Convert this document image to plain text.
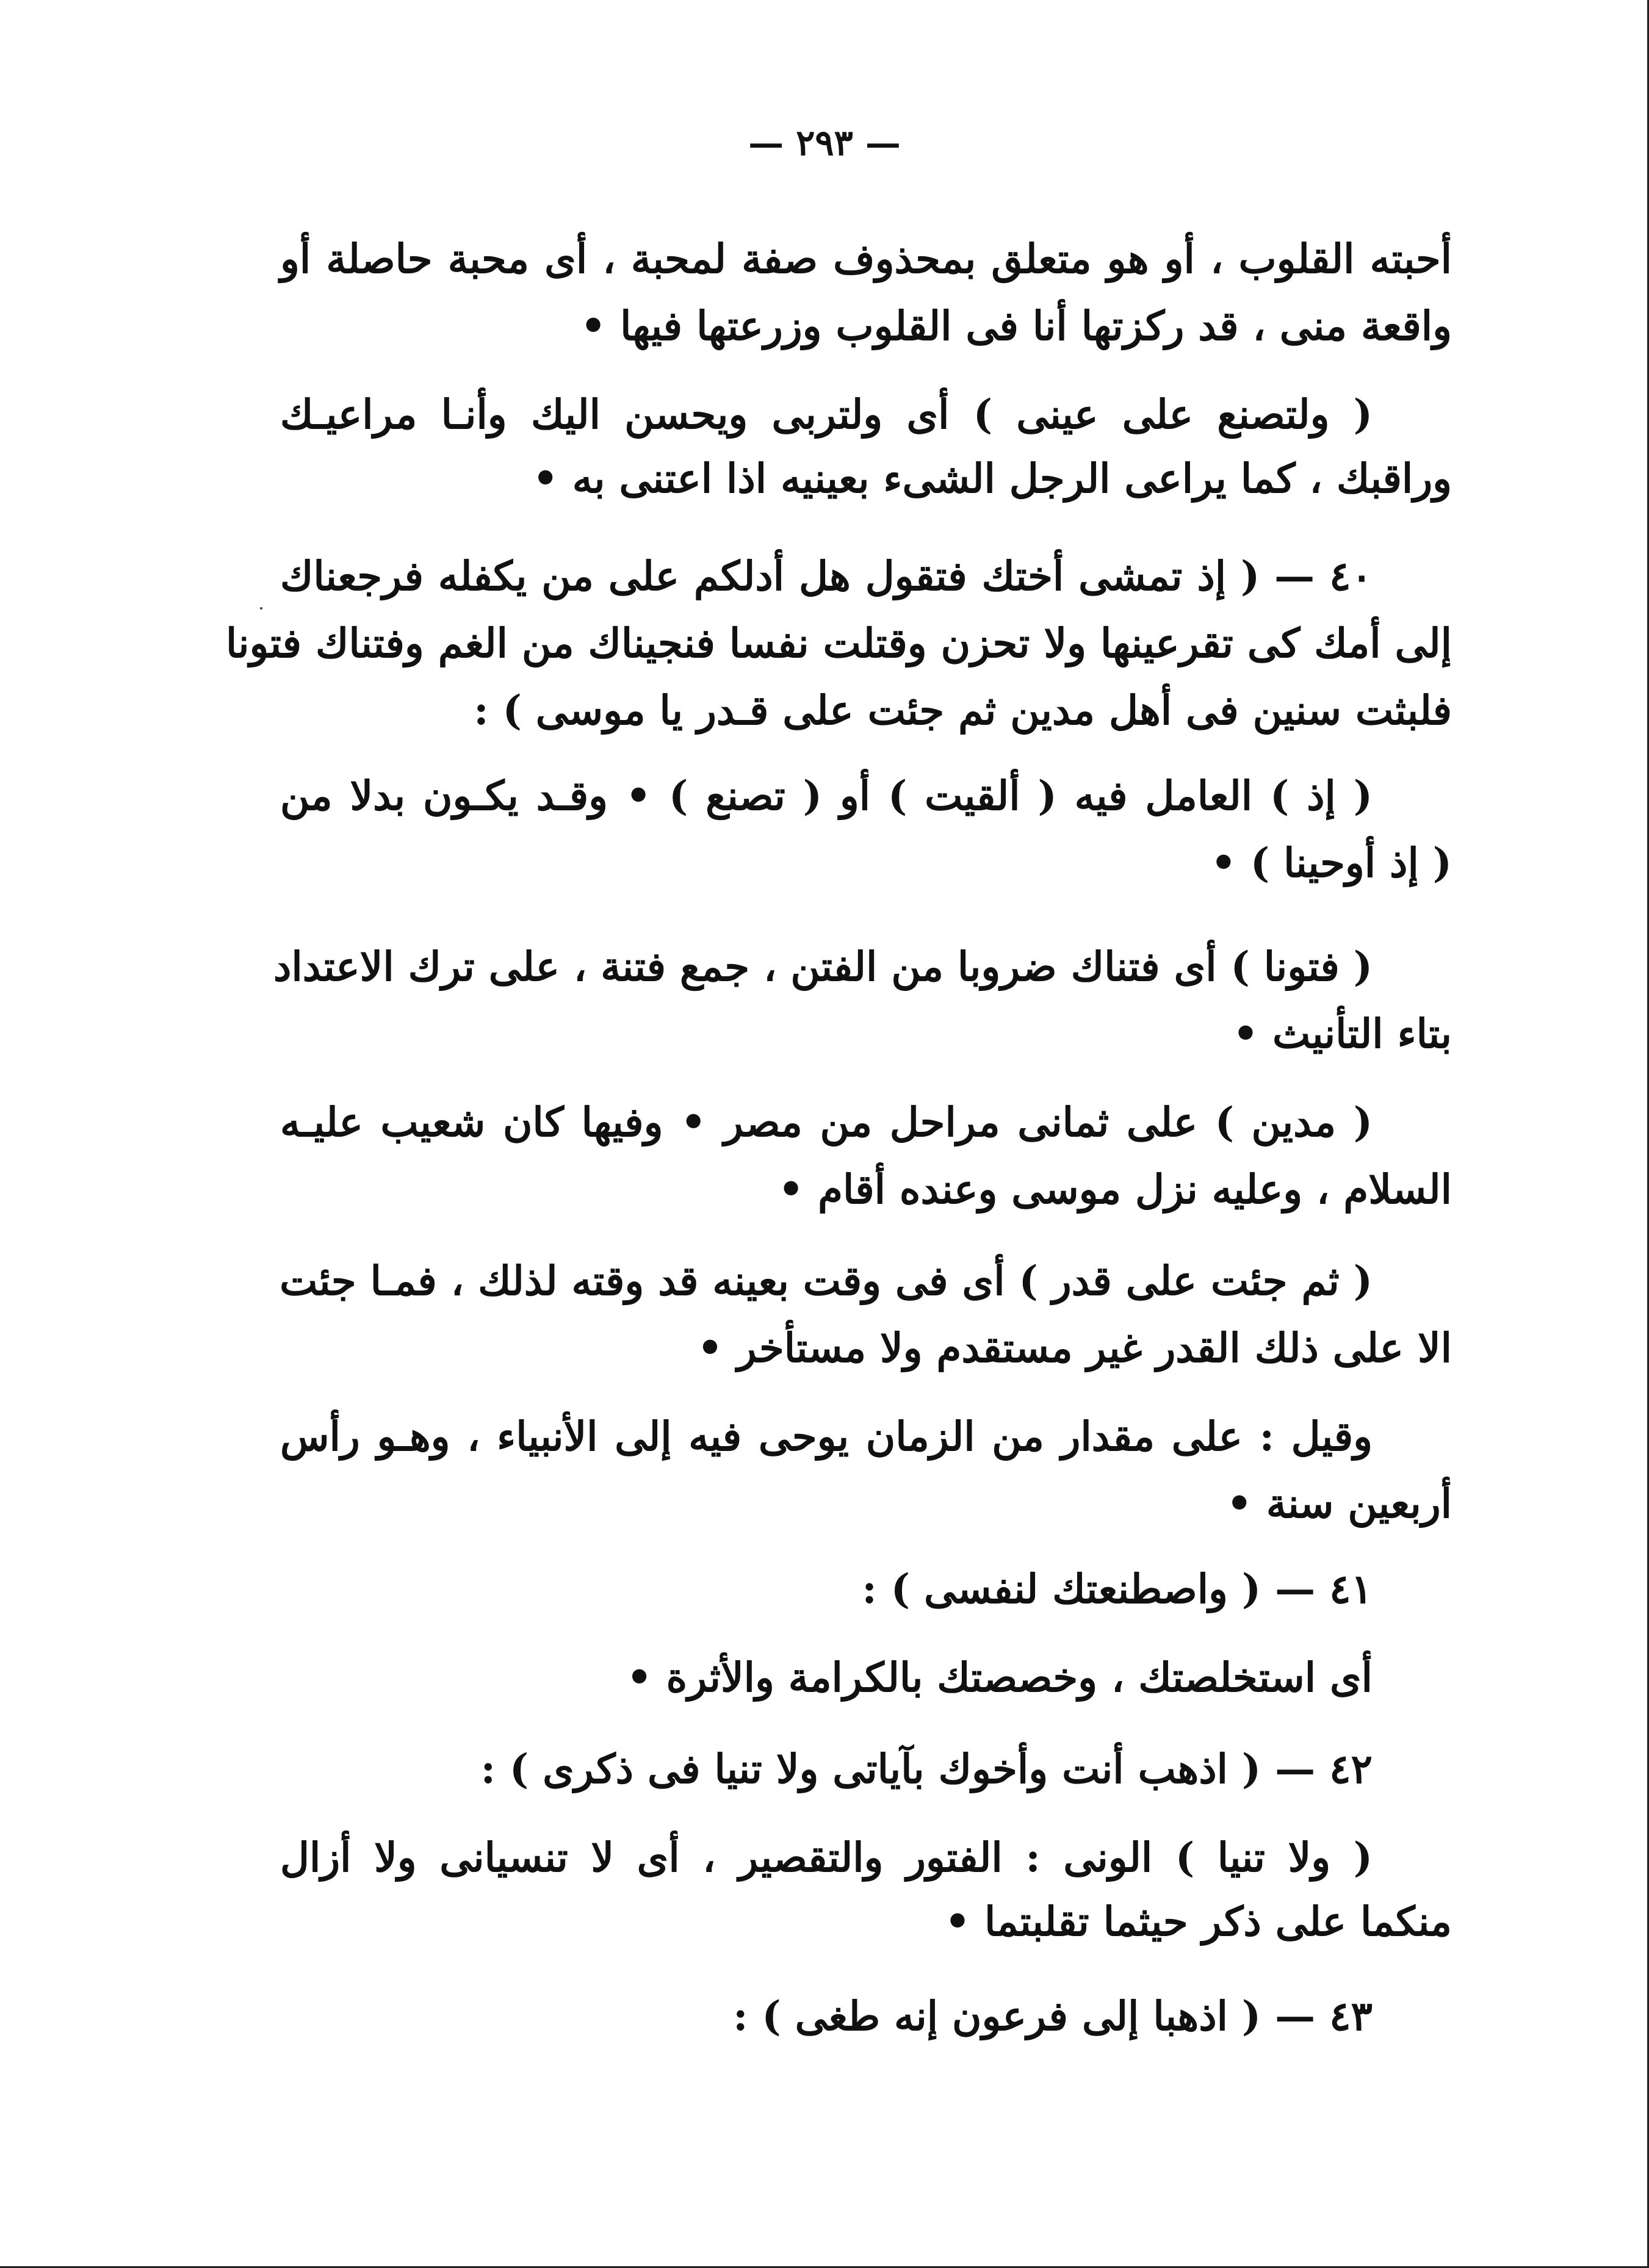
— ٢٩٣ —
أحبته القلوب ، أو هو متعلق بمحذوف صفة لمحبة ، أى محبة حاصلة أو
واقعة منى ، قد ركزتها أنا فى القلوب وزرعتها فيها •
( ولتصنع على عينى ) أى ولتربى ويحسن اليك وأنـا مراعيـك
وراقبك ، كما يراعى الرجل الشىء بعينيه اذا اعتنى به •
٤٠ — ( إذ تمشى أختك فتقول هل أدلكم على من يكفله فرجعناك
إلى أمك كى تقرعينها ولا تحزن وقتلت نفسا فنجيناك من الغم وفتناك فتونا
فلبثت سنين فى أهل مدين ثم جئت على قـدر يا موسى ) :
( إذ ) العامل فيه ( ألقيت ) أو ( تصنع ) • وقـد يكـون بدلا من
( إذ أوحينا ) •
( فتونا ) أى فتناك ضروبا من الفتن ، جمع فتنة ، على ترك الاعتداد
بتاء التأنيث •
( مدين ) على ثمانى مراحل من مصر • وفيها كان شعيب عليـه
السلام ، وعليه نزل موسى وعنده أقام •
( ثم جئت على قدر ) أى فى وقت بعينه قد وقته لذلك ، فمـا جئت
الا على ذلك القدر غير مستقدم ولا مستأخر •
وقيل : على مقدار من الزمان يوحى فيه إلى الأنبياء ، وهـو رأس
أربعين سنة •
٤١ — ( واصطنعتك لنفسى ) :
أى استخلصتك ، وخصصتك بالكرامة والأثرة •
٤٢ — ( اذهب أنت وأخوك بآياتى ولا تنيا فى ذكرى ) :
( ولا تنيا ) الونى : الفتور والتقصير ، أى لا تنسيانى ولا أزال
منكما على ذكر حيثما تقلبتما •
٤٣ — ( اذهبا إلى فرعون إنه طغى ) :
